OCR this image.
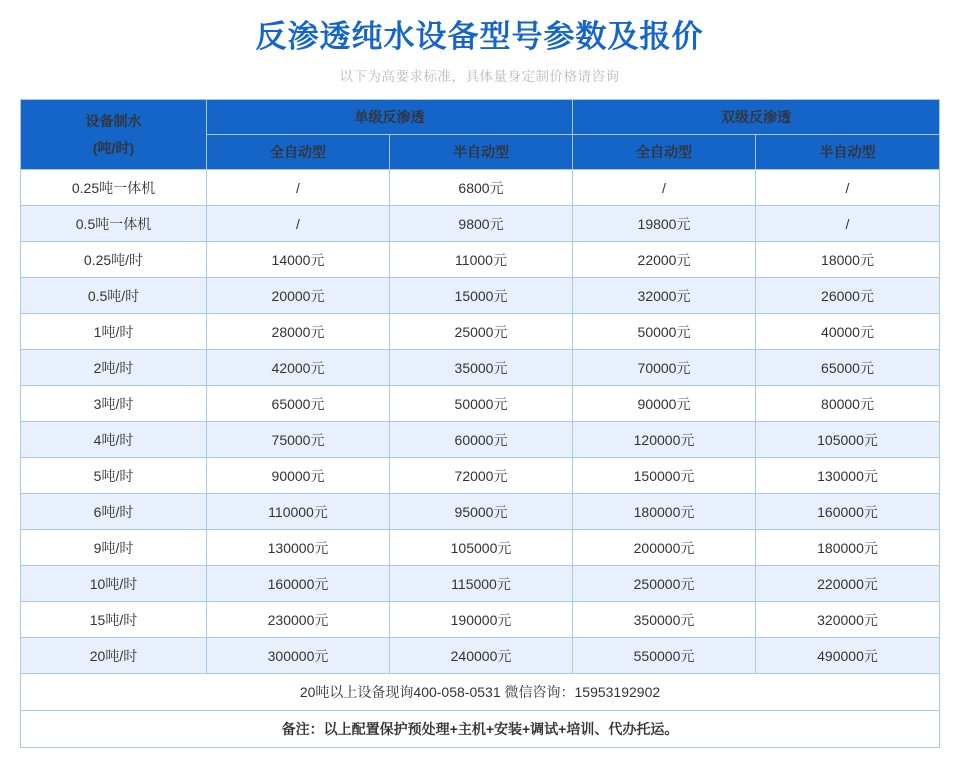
反渗透纯水设备型号参数及报价
以下为高要求标准，具体量身定制价格请咨询
设备制水
(吨/时)	单级反渗透		双级反渗透	
	全自动型	半自动型	全自动型	半自动型
0.25吨一体机	/	6800元	/	/
0.5吨一体机	/	9800元	19800元	/
0.25吨/时	14000元	11000元	22000元	18000元
0.5吨/时	20000元	15000元	32000元	26000元
1吨/时	28000元	25000元	50000元	40000元
2吨/时	42000元	35000元	70000元	65000元
3吨/时	65000元	50000元	90000元	80000元
4吨/时	75000元	60000元	120000元	105000元
5吨/时	90000元	72000元	150000元	130000元
6吨/时	110000元	95000元	180000元	160000元
9吨/时	130000元	105000元	200000元	180000元
10吨/时	160000元	115000元	250000元	220000元
15吨/时	230000元	190000元	350000元	320000元
20吨/时	300000元	240000元	550000元	490000元
20吨以上设备现询400-058-0531 微信咨询：15953192902				
备注：以上配置保护预处理+主机+安装+调试+培训、代办托运。				
